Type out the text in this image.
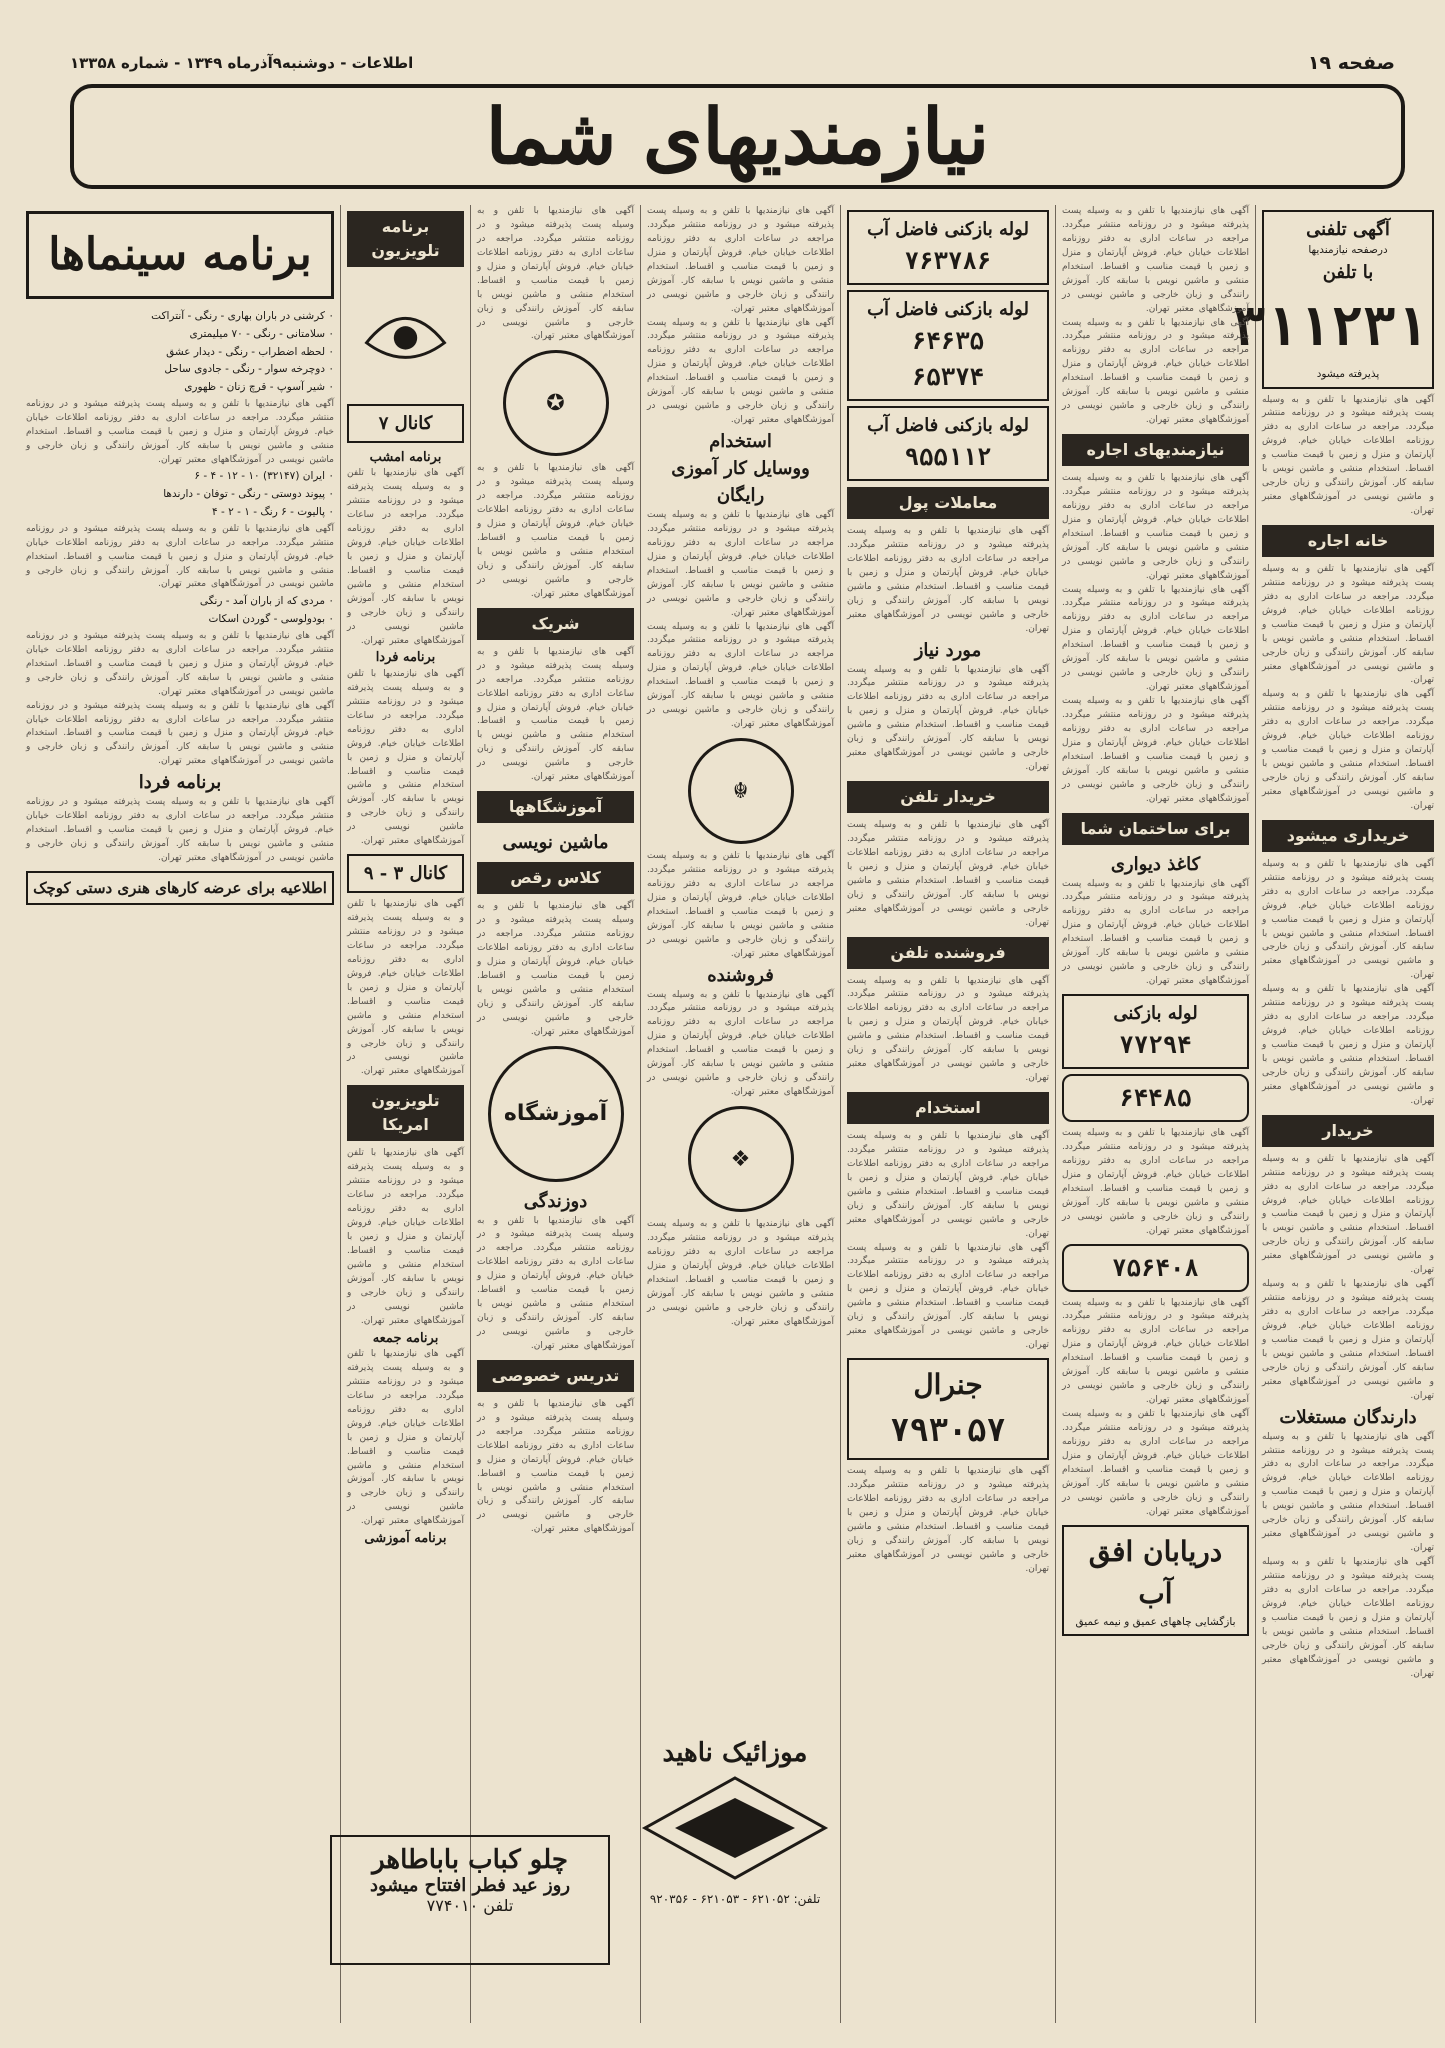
صفحه ۱۹
اطلاعات - دوشنبه۹آذرماه ۱۳۴۹ - شماره ۱۳۳۵۸
نیازمندیهای شما
آگهی تلفنی
درصفحه نیازمندیها
با تلفن
۳۱۱۲۳۱
پذیرفته میشود
آگهی های نیازمندیها با تلفن و به وسیله پست پذیرفته میشود و در روزنامه منتشر میگردد. مراجعه در ساعات اداری به دفتر روزنامه اطلاعات خیابان خیام. فروش آپارتمان و منزل و زمین با قیمت مناسب و اقساط. استخدام منشی و ماشین نویس با سابقه کار. آموزش رانندگی و زبان خارجی و ماشین نویسی در آموزشگاههای معتبر تهران.
خانه اجاره
آگهی های نیازمندیها با تلفن و به وسیله پست پذیرفته میشود و در روزنامه منتشر میگردد. مراجعه در ساعات اداری به دفتر روزنامه اطلاعات خیابان خیام. فروش آپارتمان و منزل و زمین با قیمت مناسب و اقساط. استخدام منشی و ماشین نویس با سابقه کار. آموزش رانندگی و زبان خارجی و ماشین نویسی در آموزشگاههای معتبر تهران.
آگهی های نیازمندیها با تلفن و به وسیله پست پذیرفته میشود و در روزنامه منتشر میگردد. مراجعه در ساعات اداری به دفتر روزنامه اطلاعات خیابان خیام. فروش آپارتمان و منزل و زمین با قیمت مناسب و اقساط. استخدام منشی و ماشین نویس با سابقه کار. آموزش رانندگی و زبان خارجی و ماشین نویسی در آموزشگاههای معتبر تهران.
خریداری میشود
آگهی های نیازمندیها با تلفن و به وسیله پست پذیرفته میشود و در روزنامه منتشر میگردد. مراجعه در ساعات اداری به دفتر روزنامه اطلاعات خیابان خیام. فروش آپارتمان و منزل و زمین با قیمت مناسب و اقساط. استخدام منشی و ماشین نویس با سابقه کار. آموزش رانندگی و زبان خارجی و ماشین نویسی در آموزشگاههای معتبر تهران.
آگهی های نیازمندیها با تلفن و به وسیله پست پذیرفته میشود و در روزنامه منتشر میگردد. مراجعه در ساعات اداری به دفتر روزنامه اطلاعات خیابان خیام. فروش آپارتمان و منزل و زمین با قیمت مناسب و اقساط. استخدام منشی و ماشین نویس با سابقه کار. آموزش رانندگی و زبان خارجی و ماشین نویسی در آموزشگاههای معتبر تهران.
خریدار
آگهی های نیازمندیها با تلفن و به وسیله پست پذیرفته میشود و در روزنامه منتشر میگردد. مراجعه در ساعات اداری به دفتر روزنامه اطلاعات خیابان خیام. فروش آپارتمان و منزل و زمین با قیمت مناسب و اقساط. استخدام منشی و ماشین نویس با سابقه کار. آموزش رانندگی و زبان خارجی و ماشین نویسی در آموزشگاههای معتبر تهران.
آگهی های نیازمندیها با تلفن و به وسیله پست پذیرفته میشود و در روزنامه منتشر میگردد. مراجعه در ساعات اداری به دفتر روزنامه اطلاعات خیابان خیام. فروش آپارتمان و منزل و زمین با قیمت مناسب و اقساط. استخدام منشی و ماشین نویس با سابقه کار. آموزش رانندگی و زبان خارجی و ماشین نویسی در آموزشگاههای معتبر تهران.
دارندگان مستغلات
آگهی های نیازمندیها با تلفن و به وسیله پست پذیرفته میشود و در روزنامه منتشر میگردد. مراجعه در ساعات اداری به دفتر روزنامه اطلاعات خیابان خیام. فروش آپارتمان و منزل و زمین با قیمت مناسب و اقساط. استخدام منشی و ماشین نویس با سابقه کار. آموزش رانندگی و زبان خارجی و ماشین نویسی در آموزشگاههای معتبر تهران.
آگهی های نیازمندیها با تلفن و به وسیله پست پذیرفته میشود و در روزنامه منتشر میگردد. مراجعه در ساعات اداری به دفتر روزنامه اطلاعات خیابان خیام. فروش آپارتمان و منزل و زمین با قیمت مناسب و اقساط. استخدام منشی و ماشین نویس با سابقه کار. آموزش رانندگی و زبان خارجی و ماشین نویسی در آموزشگاههای معتبر تهران.
آگهی های نیازمندیها با تلفن و به وسیله پست پذیرفته میشود و در روزنامه منتشر میگردد. مراجعه در ساعات اداری به دفتر روزنامه اطلاعات خیابان خیام. فروش آپارتمان و منزل و زمین با قیمت مناسب و اقساط. استخدام منشی و ماشین نویس با سابقه کار. آموزش رانندگی و زبان خارجی و ماشین نویسی در آموزشگاههای معتبر تهران.
آگهی های نیازمندیها با تلفن و به وسیله پست پذیرفته میشود و در روزنامه منتشر میگردد. مراجعه در ساعات اداری به دفتر روزنامه اطلاعات خیابان خیام. فروش آپارتمان و منزل و زمین با قیمت مناسب و اقساط. استخدام منشی و ماشین نویس با سابقه کار. آموزش رانندگی و زبان خارجی و ماشین نویسی در آموزشگاههای معتبر تهران.
نیازمندیهای اجاره
آگهی های نیازمندیها با تلفن و به وسیله پست پذیرفته میشود و در روزنامه منتشر میگردد. مراجعه در ساعات اداری به دفتر روزنامه اطلاعات خیابان خیام. فروش آپارتمان و منزل و زمین با قیمت مناسب و اقساط. استخدام منشی و ماشین نویس با سابقه کار. آموزش رانندگی و زبان خارجی و ماشین نویسی در آموزشگاههای معتبر تهران.
آگهی های نیازمندیها با تلفن و به وسیله پست پذیرفته میشود و در روزنامه منتشر میگردد. مراجعه در ساعات اداری به دفتر روزنامه اطلاعات خیابان خیام. فروش آپارتمان و منزل و زمین با قیمت مناسب و اقساط. استخدام منشی و ماشین نویس با سابقه کار. آموزش رانندگی و زبان خارجی و ماشین نویسی در آموزشگاههای معتبر تهران.
آگهی های نیازمندیها با تلفن و به وسیله پست پذیرفته میشود و در روزنامه منتشر میگردد. مراجعه در ساعات اداری به دفتر روزنامه اطلاعات خیابان خیام. فروش آپارتمان و منزل و زمین با قیمت مناسب و اقساط. استخدام منشی و ماشین نویس با سابقه کار. آموزش رانندگی و زبان خارجی و ماشین نویسی در آموزشگاههای معتبر تهران.
برای ساختمان شما
کاغذ دیواری
آگهی های نیازمندیها با تلفن و به وسیله پست پذیرفته میشود و در روزنامه منتشر میگردد. مراجعه در ساعات اداری به دفتر روزنامه اطلاعات خیابان خیام. فروش آپارتمان و منزل و زمین با قیمت مناسب و اقساط. استخدام منشی و ماشین نویس با سابقه کار. آموزش رانندگی و زبان خارجی و ماشین نویسی در آموزشگاههای معتبر تهران.
لوله بازکنی
۷۷۲۹۴
۶۴۴۸۵
آگهی های نیازمندیها با تلفن و به وسیله پست پذیرفته میشود و در روزنامه منتشر میگردد. مراجعه در ساعات اداری به دفتر روزنامه اطلاعات خیابان خیام. فروش آپارتمان و منزل و زمین با قیمت مناسب و اقساط. استخدام منشی و ماشین نویس با سابقه کار. آموزش رانندگی و زبان خارجی و ماشین نویسی در آموزشگاههای معتبر تهران.
۷۵۶۴۰۸
آگهی های نیازمندیها با تلفن و به وسیله پست پذیرفته میشود و در روزنامه منتشر میگردد. مراجعه در ساعات اداری به دفتر روزنامه اطلاعات خیابان خیام. فروش آپارتمان و منزل و زمین با قیمت مناسب و اقساط. استخدام منشی و ماشین نویس با سابقه کار. آموزش رانندگی و زبان خارجی و ماشین نویسی در آموزشگاههای معتبر تهران.
آگهی های نیازمندیها با تلفن و به وسیله پست پذیرفته میشود و در روزنامه منتشر میگردد. مراجعه در ساعات اداری به دفتر روزنامه اطلاعات خیابان خیام. فروش آپارتمان و منزل و زمین با قیمت مناسب و اقساط. استخدام منشی و ماشین نویس با سابقه کار. آموزش رانندگی و زبان خارجی و ماشین نویسی در آموزشگاههای معتبر تهران.
دریابان افق آب
بازگشایی چاههای عمیق و نیمه عمیق
لوله بازکنی فاضل آب
۷۶۳۷۸۶
لوله بازکنی فاضل آب
۶۴۶۳۵
۶۵۳۷۴
لوله بازکنی فاضل آب
۹۵۵۱۱۲
معاملات پول
آگهی های نیازمندیها با تلفن و به وسیله پست پذیرفته میشود و در روزنامه منتشر میگردد. مراجعه در ساعات اداری به دفتر روزنامه اطلاعات خیابان خیام. فروش آپارتمان و منزل و زمین با قیمت مناسب و اقساط. استخدام منشی و ماشین نویس با سابقه کار. آموزش رانندگی و زبان خارجی و ماشین نویسی در آموزشگاههای معتبر تهران.
مورد نیاز
آگهی های نیازمندیها با تلفن و به وسیله پست پذیرفته میشود و در روزنامه منتشر میگردد. مراجعه در ساعات اداری به دفتر روزنامه اطلاعات خیابان خیام. فروش آپارتمان و منزل و زمین با قیمت مناسب و اقساط. استخدام منشی و ماشین نویس با سابقه کار. آموزش رانندگی و زبان خارجی و ماشین نویسی در آموزشگاههای معتبر تهران.
خریدار تلفن
آگهی های نیازمندیها با تلفن و به وسیله پست پذیرفته میشود و در روزنامه منتشر میگردد. مراجعه در ساعات اداری به دفتر روزنامه اطلاعات خیابان خیام. فروش آپارتمان و منزل و زمین با قیمت مناسب و اقساط. استخدام منشی و ماشین نویس با سابقه کار. آموزش رانندگی و زبان خارجی و ماشین نویسی در آموزشگاههای معتبر تهران.
فروشنده تلفن
آگهی های نیازمندیها با تلفن و به وسیله پست پذیرفته میشود و در روزنامه منتشر میگردد. مراجعه در ساعات اداری به دفتر روزنامه اطلاعات خیابان خیام. فروش آپارتمان و منزل و زمین با قیمت مناسب و اقساط. استخدام منشی و ماشین نویس با سابقه کار. آموزش رانندگی و زبان خارجی و ماشین نویسی در آموزشگاههای معتبر تهران.
استخدام
آگهی های نیازمندیها با تلفن و به وسیله پست پذیرفته میشود و در روزنامه منتشر میگردد. مراجعه در ساعات اداری به دفتر روزنامه اطلاعات خیابان خیام. فروش آپارتمان و منزل و زمین با قیمت مناسب و اقساط. استخدام منشی و ماشین نویس با سابقه کار. آموزش رانندگی و زبان خارجی و ماشین نویسی در آموزشگاههای معتبر تهران.
آگهی های نیازمندیها با تلفن و به وسیله پست پذیرفته میشود و در روزنامه منتشر میگردد. مراجعه در ساعات اداری به دفتر روزنامه اطلاعات خیابان خیام. فروش آپارتمان و منزل و زمین با قیمت مناسب و اقساط. استخدام منشی و ماشین نویس با سابقه کار. آموزش رانندگی و زبان خارجی و ماشین نویسی در آموزشگاههای معتبر تهران.
جنرال
۷۹۳۰۵۷
آگهی های نیازمندیها با تلفن و به وسیله پست پذیرفته میشود و در روزنامه منتشر میگردد. مراجعه در ساعات اداری به دفتر روزنامه اطلاعات خیابان خیام. فروش آپارتمان و منزل و زمین با قیمت مناسب و اقساط. استخدام منشی و ماشین نویس با سابقه کار. آموزش رانندگی و زبان خارجی و ماشین نویسی در آموزشگاههای معتبر تهران.
آگهی های نیازمندیها با تلفن و به وسیله پست پذیرفته میشود و در روزنامه منتشر میگردد. مراجعه در ساعات اداری به دفتر روزنامه اطلاعات خیابان خیام. فروش آپارتمان و منزل و زمین با قیمت مناسب و اقساط. استخدام منشی و ماشین نویس با سابقه کار. آموزش رانندگی و زبان خارجی و ماشین نویسی در آموزشگاههای معتبر تهران.
آگهی های نیازمندیها با تلفن و به وسیله پست پذیرفته میشود و در روزنامه منتشر میگردد. مراجعه در ساعات اداری به دفتر روزنامه اطلاعات خیابان خیام. فروش آپارتمان و منزل و زمین با قیمت مناسب و اقساط. استخدام منشی و ماشین نویس با سابقه کار. آموزش رانندگی و زبان خارجی و ماشین نویسی در آموزشگاههای معتبر تهران.
استخدام
ووسایل کار آموزی رایگان
آگهی های نیازمندیها با تلفن و به وسیله پست پذیرفته میشود و در روزنامه منتشر میگردد. مراجعه در ساعات اداری به دفتر روزنامه اطلاعات خیابان خیام. فروش آپارتمان و منزل و زمین با قیمت مناسب و اقساط. استخدام منشی و ماشین نویس با سابقه کار. آموزش رانندگی و زبان خارجی و ماشین نویسی در آموزشگاههای معتبر تهران.
آگهی های نیازمندیها با تلفن و به وسیله پست پذیرفته میشود و در روزنامه منتشر میگردد. مراجعه در ساعات اداری به دفتر روزنامه اطلاعات خیابان خیام. فروش آپارتمان و منزل و زمین با قیمت مناسب و اقساط. استخدام منشی و ماشین نویس با سابقه کار. آموزش رانندگی و زبان خارجی و ماشین نویسی در آموزشگاههای معتبر تهران.
☬
آگهی های نیازمندیها با تلفن و به وسیله پست پذیرفته میشود و در روزنامه منتشر میگردد. مراجعه در ساعات اداری به دفتر روزنامه اطلاعات خیابان خیام. فروش آپارتمان و منزل و زمین با قیمت مناسب و اقساط. استخدام منشی و ماشین نویس با سابقه کار. آموزش رانندگی و زبان خارجی و ماشین نویسی در آموزشگاههای معتبر تهران.
فروشنده
آگهی های نیازمندیها با تلفن و به وسیله پست پذیرفته میشود و در روزنامه منتشر میگردد. مراجعه در ساعات اداری به دفتر روزنامه اطلاعات خیابان خیام. فروش آپارتمان و منزل و زمین با قیمت مناسب و اقساط. استخدام منشی و ماشین نویس با سابقه کار. آموزش رانندگی و زبان خارجی و ماشین نویسی در آموزشگاههای معتبر تهران.
❖
آگهی های نیازمندیها با تلفن و به وسیله پست پذیرفته میشود و در روزنامه منتشر میگردد. مراجعه در ساعات اداری به دفتر روزنامه اطلاعات خیابان خیام. فروش آپارتمان و منزل و زمین با قیمت مناسب و اقساط. استخدام منشی و ماشین نویس با سابقه کار. آموزش رانندگی و زبان خارجی و ماشین نویسی در آموزشگاههای معتبر تهران.
آگهی های نیازمندیها با تلفن و به وسیله پست پذیرفته میشود و در روزنامه منتشر میگردد. مراجعه در ساعات اداری به دفتر روزنامه اطلاعات خیابان خیام. فروش آپارتمان و منزل و زمین با قیمت مناسب و اقساط. استخدام منشی و ماشین نویس با سابقه کار. آموزش رانندگی و زبان خارجی و ماشین نویسی در آموزشگاههای معتبر تهران.
✪
آگهی های نیازمندیها با تلفن و به وسیله پست پذیرفته میشود و در روزنامه منتشر میگردد. مراجعه در ساعات اداری به دفتر روزنامه اطلاعات خیابان خیام. فروش آپارتمان و منزل و زمین با قیمت مناسب و اقساط. استخدام منشی و ماشین نویس با سابقه کار. آموزش رانندگی و زبان خارجی و ماشین نویسی در آموزشگاههای معتبر تهران.
شریک
آگهی های نیازمندیها با تلفن و به وسیله پست پذیرفته میشود و در روزنامه منتشر میگردد. مراجعه در ساعات اداری به دفتر روزنامه اطلاعات خیابان خیام. فروش آپارتمان و منزل و زمین با قیمت مناسب و اقساط. استخدام منشی و ماشین نویس با سابقه کار. آموزش رانندگی و زبان خارجی و ماشین نویسی در آموزشگاههای معتبر تهران.
آموزشگاهها
ماشین نویسی
کلاس رقص
آگهی های نیازمندیها با تلفن و به وسیله پست پذیرفته میشود و در روزنامه منتشر میگردد. مراجعه در ساعات اداری به دفتر روزنامه اطلاعات خیابان خیام. فروش آپارتمان و منزل و زمین با قیمت مناسب و اقساط. استخدام منشی و ماشین نویس با سابقه کار. آموزش رانندگی و زبان خارجی و ماشین نویسی در آموزشگاههای معتبر تهران.
آموزشگاه
دوزندگی
آگهی های نیازمندیها با تلفن و به وسیله پست پذیرفته میشود و در روزنامه منتشر میگردد. مراجعه در ساعات اداری به دفتر روزنامه اطلاعات خیابان خیام. فروش آپارتمان و منزل و زمین با قیمت مناسب و اقساط. استخدام منشی و ماشین نویس با سابقه کار. آموزش رانندگی و زبان خارجی و ماشین نویسی در آموزشگاههای معتبر تهران.
تدریس خصوصی
آگهی های نیازمندیها با تلفن و به وسیله پست پذیرفته میشود و در روزنامه منتشر میگردد. مراجعه در ساعات اداری به دفتر روزنامه اطلاعات خیابان خیام. فروش آپارتمان و منزل و زمین با قیمت مناسب و اقساط. استخدام منشی و ماشین نویس با سابقه کار. آموزش رانندگی و زبان خارجی و ماشین نویسی در آموزشگاههای معتبر تهران.
برنامه تلویزیون
کانال ۷
برنامه امشب
آگهی های نیازمندیها با تلفن و به وسیله پست پذیرفته میشود و در روزنامه منتشر میگردد. مراجعه در ساعات اداری به دفتر روزنامه اطلاعات خیابان خیام. فروش آپارتمان و منزل و زمین با قیمت مناسب و اقساط. استخدام منشی و ماشین نویس با سابقه کار. آموزش رانندگی و زبان خارجی و ماشین نویسی در آموزشگاههای معتبر تهران.
برنامه فردا
آگهی های نیازمندیها با تلفن و به وسیله پست پذیرفته میشود و در روزنامه منتشر میگردد. مراجعه در ساعات اداری به دفتر روزنامه اطلاعات خیابان خیام. فروش آپارتمان و منزل و زمین با قیمت مناسب و اقساط. استخدام منشی و ماشین نویس با سابقه کار. آموزش رانندگی و زبان خارجی و ماشین نویسی در آموزشگاههای معتبر تهران.
کانال ۳ - ۹
آگهی های نیازمندیها با تلفن و به وسیله پست پذیرفته میشود و در روزنامه منتشر میگردد. مراجعه در ساعات اداری به دفتر روزنامه اطلاعات خیابان خیام. فروش آپارتمان و منزل و زمین با قیمت مناسب و اقساط. استخدام منشی و ماشین نویس با سابقه کار. آموزش رانندگی و زبان خارجی و ماشین نویسی در آموزشگاههای معتبر تهران.
تلویزیون امریکا
آگهی های نیازمندیها با تلفن و به وسیله پست پذیرفته میشود و در روزنامه منتشر میگردد. مراجعه در ساعات اداری به دفتر روزنامه اطلاعات خیابان خیام. فروش آپارتمان و منزل و زمین با قیمت مناسب و اقساط. استخدام منشی و ماشین نویس با سابقه کار. آموزش رانندگی و زبان خارجی و ماشین نویسی در آموزشگاههای معتبر تهران.
برنامه جمعه
آگهی های نیازمندیها با تلفن و به وسیله پست پذیرفته میشود و در روزنامه منتشر میگردد. مراجعه در ساعات اداری به دفتر روزنامه اطلاعات خیابان خیام. فروش آپارتمان و منزل و زمین با قیمت مناسب و اقساط. استخدام منشی و ماشین نویس با سابقه کار. آموزش رانندگی و زبان خارجی و ماشین نویسی در آموزشگاههای معتبر تهران.
برنامه آموزشی
برنامه سینماها
۰ کرشنی در باران بهاری - رنگی - آنتراکت
۰ سلامتانی - رنگی - ۷۰ میلیمتری
۰ لحظه اضطراب - رنگی - دیدار عشق
۰ دوچرخه سوار - رنگی - جادوی ساحل
۰ شیر آسوپ - قرچ زنان - ظهوری
آگهی های نیازمندیها با تلفن و به وسیله پست پذیرفته میشود و در روزنامه منتشر میگردد. مراجعه در ساعات اداری به دفتر روزنامه اطلاعات خیابان خیام. فروش آپارتمان و منزل و زمین با قیمت مناسب و اقساط. استخدام منشی و ماشین نویس با سابقه کار. آموزش رانندگی و زبان خارجی و ماشین نویسی در آموزشگاههای معتبر تهران.
۰ ایران (۳۲۱۴۷) ۱۰ - ۱۲ - ۴ - ۶
۰ پیوند دوستی - رنگی - توفان - دارندها
۰ پالیوت - ۶ رنگ - ۱ - ۲ - ۴
آگهی های نیازمندیها با تلفن و به وسیله پست پذیرفته میشود و در روزنامه منتشر میگردد. مراجعه در ساعات اداری به دفتر روزنامه اطلاعات خیابان خیام. فروش آپارتمان و منزل و زمین با قیمت مناسب و اقساط. استخدام منشی و ماشین نویس با سابقه کار. آموزش رانندگی و زبان خارجی و ماشین نویسی در آموزشگاههای معتبر تهران.
۰ مردی که از باران آمد - رنگی
۰ بودولوسی - گوردن اسکات
آگهی های نیازمندیها با تلفن و به وسیله پست پذیرفته میشود و در روزنامه منتشر میگردد. مراجعه در ساعات اداری به دفتر روزنامه اطلاعات خیابان خیام. فروش آپارتمان و منزل و زمین با قیمت مناسب و اقساط. استخدام منشی و ماشین نویس با سابقه کار. آموزش رانندگی و زبان خارجی و ماشین نویسی در آموزشگاههای معتبر تهران.
آگهی های نیازمندیها با تلفن و به وسیله پست پذیرفته میشود و در روزنامه منتشر میگردد. مراجعه در ساعات اداری به دفتر روزنامه اطلاعات خیابان خیام. فروش آپارتمان و منزل و زمین با قیمت مناسب و اقساط. استخدام منشی و ماشین نویس با سابقه کار. آموزش رانندگی و زبان خارجی و ماشین نویسی در آموزشگاههای معتبر تهران.
برنامه فردا
آگهی های نیازمندیها با تلفن و به وسیله پست پذیرفته میشود و در روزنامه منتشر میگردد. مراجعه در ساعات اداری به دفتر روزنامه اطلاعات خیابان خیام. فروش آپارتمان و منزل و زمین با قیمت مناسب و اقساط. استخدام منشی و ماشین نویس با سابقه کار. آموزش رانندگی و زبان خارجی و ماشین نویسی در آموزشگاههای معتبر تهران.
اطلاعیه برای عرضه کارهای هنری دستی کوچک
چلو کباب باباطاهر
روز عید فطر افتتاح میشود
تلفن ۷۷۴۰۱۰
موزائیک ناهید
تلفن: ۶۲۱۰۵۲ - ۶۲۱۰۵۳ - ۹۲۰۳۵۶
